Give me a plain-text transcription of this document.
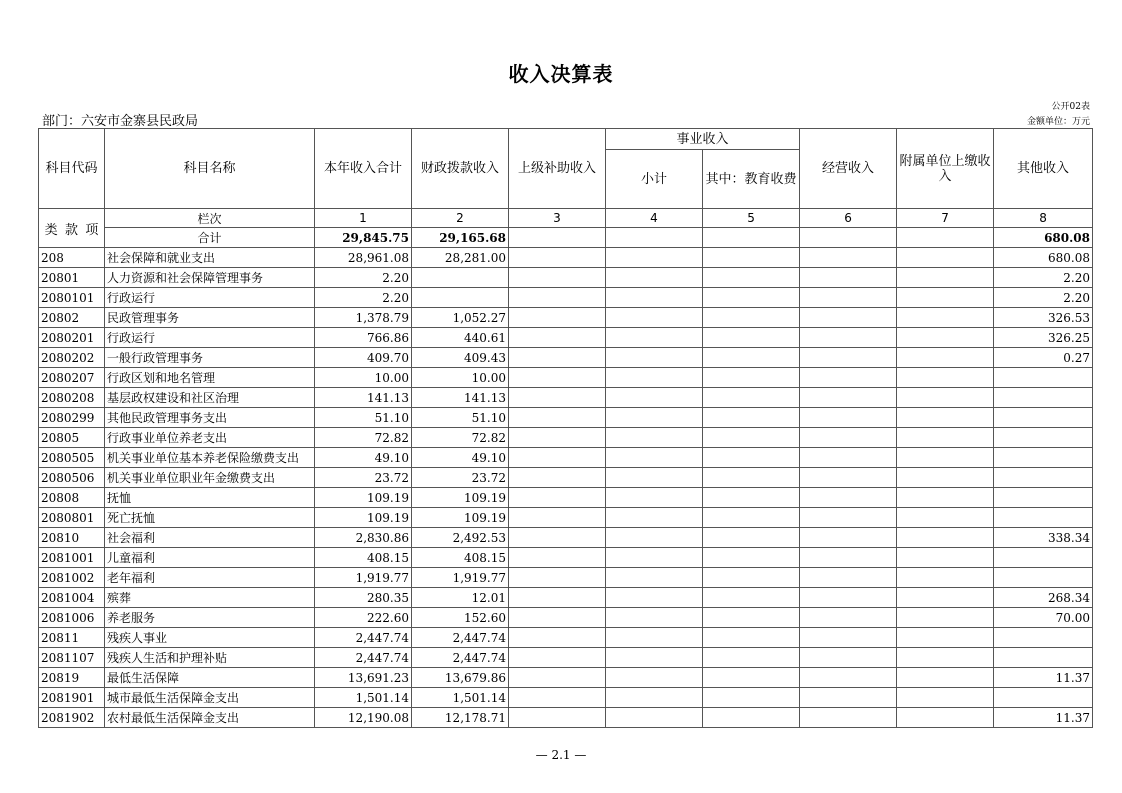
收入决算表
部门：六安市金寨县民政局
公开02表
金额单位：万元
科目代码	科目名称	本年收入合计	财政拨款收入	上级补助收入	事业收入		经营收入	附属单位上缴收入	其他收入
					小计	其中：教育收费			

类 款 项	栏次	1	2	3	4	5	6	7	8
	合计	29,845.75	29,165.68						680.08
208	社会保障和就业支出	28,961.08	28,281.00						680.08
20801	人力资源和社会保障管理事务	2.20							2.20
2080101	行政运行	2.20							2.20
20802	民政管理事务	1,378.79	1,052.27						326.53
2080201	行政运行	766.86	440.61						326.25
2080202	一般行政管理事务	409.70	409.43						0.27
2080207	行政区划和地名管理	10.00	10.00						
2080208	基层政权建设和社区治理	141.13	141.13						
2080299	其他民政管理事务支出	51.10	51.10						
20805	行政事业单位养老支出	72.82	72.82						
2080505	机关事业单位基本养老保险缴费支出	49.10	49.10						
2080506	机关事业单位职业年金缴费支出	23.72	23.72						
20808	抚恤	109.19	109.19						
2080801	死亡抚恤	109.19	109.19						
20810	社会福利	2,830.86	2,492.53						338.34
2081001	儿童福利	408.15	408.15						
2081002	老年福利	1,919.77	1,919.77						
2081004	殡葬	280.35	12.01						268.34
2081006	养老服务	222.60	152.60						70.00
20811	残疾人事业	2,447.74	2,447.74						
2081107	残疾人生活和护理补贴	2,447.74	2,447.74						
20819	最低生活保障	13,691.23	13,679.86						11.37
2081901	城市最低生活保障金支出	1,501.14	1,501.14						
2081902	农村最低生活保障金支出	12,190.08	12,178.71						11.37
— 2.1 —
